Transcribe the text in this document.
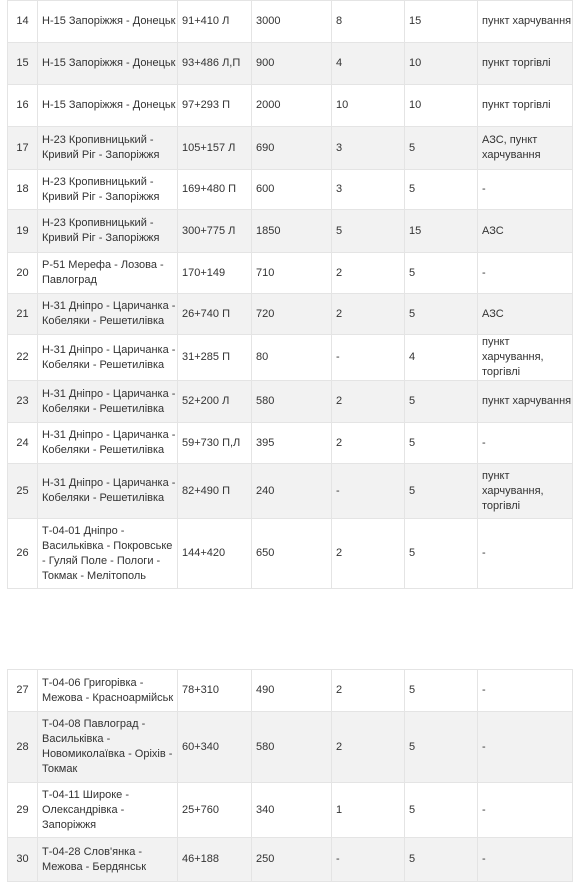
14	Н-15 Запоріжжя - Донецьк	91+410 Л	3000	8	15	пункт харчування
15	Н-15 Запоріжжя - Донецьк	93+486 Л,П	900	4	10	пункт торгівлі
16	Н-15 Запоріжжя - Донецьк	97+293 П	2000	10	10	пункт торгівлі
17	Н-23 Кропивницький - Кривий Ріг - Запоріжжя	105+157 Л	690	3	5	АЗС, пункт харчування
18	Н-23 Кропивницький - Кривий Ріг - Запоріжжя	169+480 П	600	3	5	-
19	Н-23 Кропивницький - Кривий Ріг - Запоріжжя	300+775 Л	1850	5	15	АЗС
20	Р-51 Мерефа - Лозова - Павлоград	170+149	710	2	5	-
21	Н-31 Дніпро - Царичанка - Кобеляки - Решетилівка	26+740 П	720	2	5	АЗС
22	Н-31 Дніпро - Царичанка - Кобеляки - Решетилівка	31+285 П	80	-	4	пункт харчування, торгівлі
23	Н-31 Дніпро - Царичанка - Кобеляки - Решетилівка	52+200 Л	580	2	5	пункт харчування
24	Н-31 Дніпро - Царичанка - Кобеляки - Решетилівка	59+730 П,Л	395	2	5	-
25	Н-31 Дніпро - Царичанка - Кобеляки - Решетилівка	82+490 П	240	-	5	пункт харчування, торгівлі
26	Т-04-01 Дніпро - Васильківка - Покровське - Гуляй Поле - Пологи - Токмак - Мелітополь	144+420	650	2	5	-
27	Т-04-06 Григорівка - Межова - Красноармійськ	78+310	490	2	5	-
28	Т-04-08 Павлоград - Васильківка - Новомиколаївка - Оріхів - Токмак	60+340	580	2	5	-
29	Т-04-11 Широке - Олександрівка - Запоріжжя	25+760	340	1	5	-
30	Т-04-28 Слов'янка - Межова - Бердянськ	46+188	250	-	5	-
